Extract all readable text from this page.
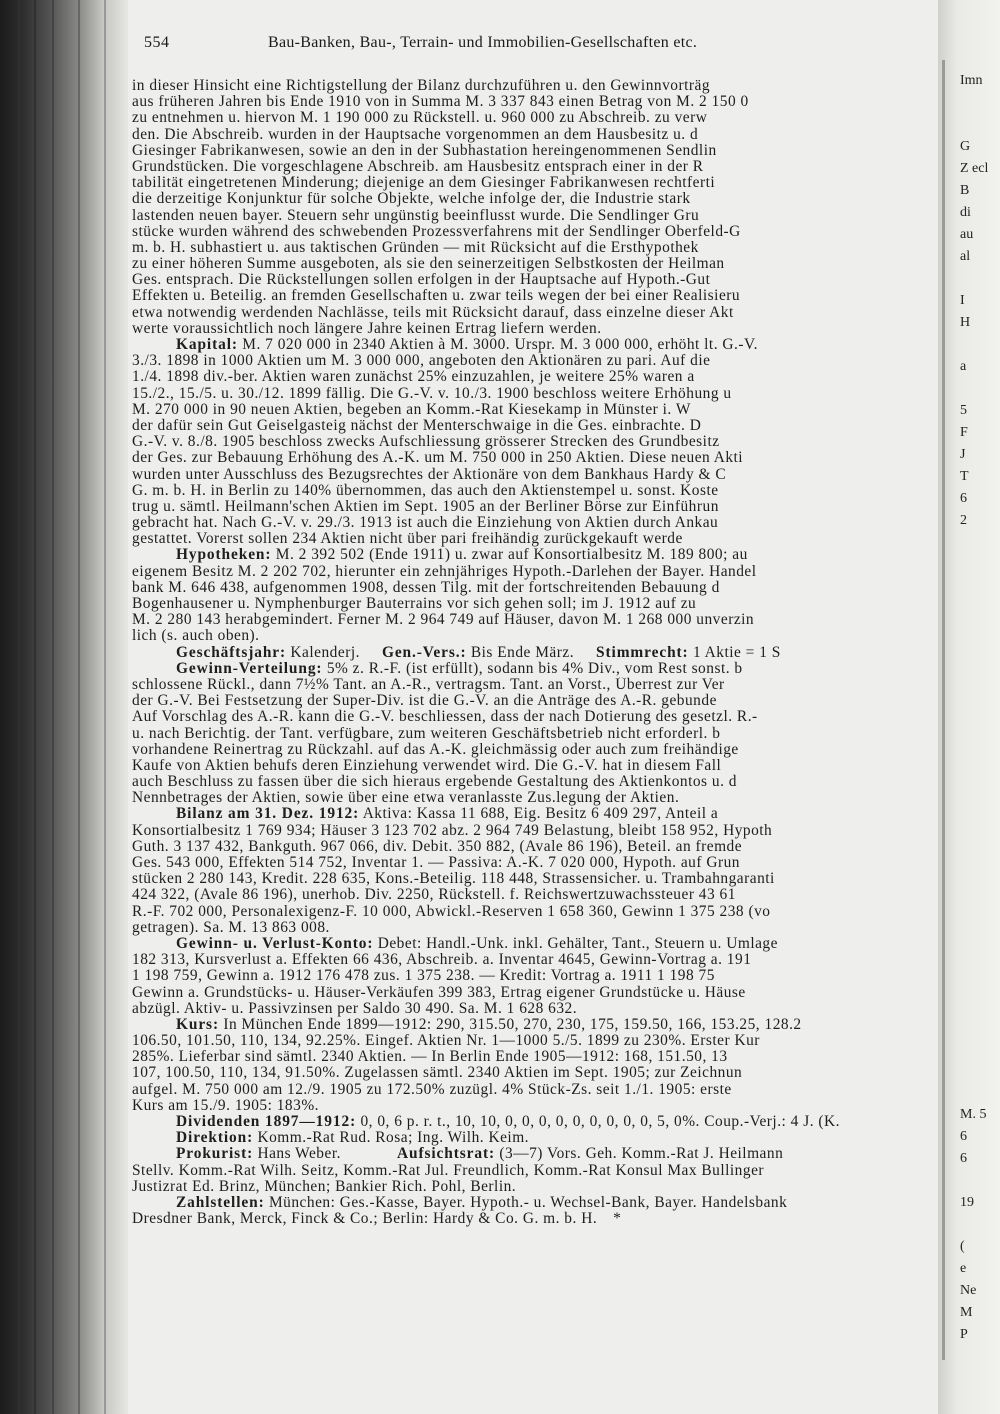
Imn
G
Z ecl
B
di
au
al
I
H
a
5
F
J
T
6
2
M. 5
6
6
19
(
e
Ne
M
P
554	Bau-Banken, Bau-, Terrain- und Immobilien-Gesellschaften etc.
in dieser Hinsicht eine Richtigstellung der Bilanz durchzuführen u. den Gewinnvorträg
aus früheren Jahren bis Ende 1910 von in Summa M. 3 337 843 einen Betrag von M. 2 150 0
zu entnehmen u. hiervon M. 1 190 000 zu Rückstell. u. 960 000 zu Abschreib. zu verw
den. Die Abschreib. wurden in der Hauptsache vorgenommen an dem Hausbesitz u. d
Giesinger Fabrikanwesen, sowie an den in der Subhastation hereingenommenen Sendlin
Grundstücken. Die vorgeschlagene Abschreib. am Hausbesitz entsprach einer in der R
tabilität eingetretenen Minderung; diejenige an dem Giesinger Fabrikanwesen rechtferti
die derzeitige Konjunktur für solche Objekte, welche infolge der, die Industrie stark
lastenden neuen bayer. Steuern sehr ungünstig beeinflusst wurde. Die Sendlinger Gru
stücke wurden während des schwebenden Prozessverfahrens mit der Sendlinger Oberfeld-G
m. b. H. subhastiert u. aus taktischen Gründen — mit Rücksicht auf die Ersthypothek
zu einer höheren Summe ausgeboten, als sie den seinerzeitigen Selbstkosten der Heilman
Ges. entsprach. Die Rückstellungen sollen erfolgen in der Hauptsache auf Hypoth.-Gut
Effekten u. Beteilig. an fremden Gesellschaften u. zwar teils wegen der bei einer Realisieru
etwa notwendig werdenden Nachlässe, teils mit Rücksicht darauf, dass einzelne dieser Akt
werte voraussichtlich noch längere Jahre keinen Ertrag liefern werden.
Kapital: M. 7 020 000 in 2340 Aktien à M. 3000. Urspr. M. 3 000 000, erhöht lt. G.-V.
3./3. 1898 in 1000 Aktien um M. 3 000 000, angeboten den Aktionären zu pari. Auf die
1./4. 1898 div.-ber. Aktien waren zunächst 25% einzuzahlen, je weitere 25% waren a
15./2., 15./5. u. 30./12. 1899 fällig. Die G.-V. v. 10./3. 1900 beschloss weitere Erhöhung u
M. 270 000 in 90 neuen Aktien, begeben an Komm.-Rat Kiesekamp in Münster i. W
der dafür sein Gut Geiselgasteig nächst der Menterschwaige in die Ges. einbrachte. D
G.-V. v. 8./8. 1905 beschloss zwecks Aufschliessung grösserer Strecken des Grundbesitz
der Ges. zur Bebauung Erhöhung des A.-K. um M. 750 000 in 250 Aktien. Diese neuen Akti
wurden unter Ausschluss des Bezugsrechtes der Aktionäre von dem Bankhaus Hardy & C
G. m. b. H. in Berlin zu 140% übernommen, das auch den Aktienstempel u. sonst. Koste
trug u. sämtl. Heilmann'schen Aktien im Sept. 1905 an der Berliner Börse zur Einführun
gebracht hat. Nach G.-V. v. 29./3. 1913 ist auch die Einziehung von Aktien durch Ankau
gestattet. Vorerst sollen 234 Aktien nicht über pari freihändig zurückgekauft werde
Hypotheken: M. 2 392 502 (Ende 1911) u. zwar auf Konsortialbesitz M. 189 800; au
eigenem Besitz M. 2 202 702, hierunter ein zehnjähriges Hypoth.-Darlehen der Bayer. Handel
bank M. 646 438, aufgenommen 1908, dessen Tilg. mit der fortschreitenden Bebauung d
Bogenhausener u. Nymphenburger Bauterrains vor sich gehen soll; im J. 1912 auf zu
M. 2 280 143 herabgemindert. Ferner M. 2 964 749 auf Häuser, davon M. 1 268 000 unverzin
lich (s. auch oben).
Geschäftsjahr: Kalenderj. Gen.-Vers.: Bis Ende März. Stimmrecht: 1 Aktie = 1 S
Gewinn-Verteilung: 5% z. R.-F. (ist erfüllt), sodann bis 4% Div., vom Rest sonst. b
schlossene Rückl., dann 7½% Tant. an A.-R., vertragsm. Tant. an Vorst., Überrest zur Ver
der G.-V. Bei Festsetzung der Super-Div. ist die G.-V. an die Anträge des A.-R. gebunde
Auf Vorschlag des A.-R. kann die G.-V. beschliessen, dass der nach Dotierung des gesetzl. R.-
u. nach Berichtig. der Tant. verfügbare, zum weiteren Geschäftsbetrieb nicht erforderl. b
vorhandene Reinertrag zu Rückzahl. auf das A.-K. gleichmässig oder auch zum freihändige
Kaufe von Aktien behufs deren Einziehung verwendet wird. Die G.-V. hat in diesem Fall
auch Beschluss zu fassen über die sich hieraus ergebende Gestaltung des Aktienkontos u. d
Nennbetrages der Aktien, sowie über eine etwa veranlasste Zus.legung der Aktien.
Bilanz am 31. Dez. 1912: Aktiva: Kassa 11 688, Eig. Besitz 6 409 297, Anteil a
Konsortialbesitz 1 769 934; Häuser 3 123 702 abz. 2 964 749 Belastung, bleibt 158 952, Hypoth
Guth. 3 137 432, Bankguth. 967 066, div. Debit. 350 882, (Avale 86 196), Beteil. an fremde
Ges. 543 000, Effekten 514 752, Inventar 1. — Passiva: A.-K. 7 020 000, Hypoth. auf Grun
stücken 2 280 143, Kredit. 228 635, Kons.-Beteilig. 118 448, Strassensicher. u. Trambahngaranti
424 322, (Avale 86 196), unerhob. Div. 2250, Rückstell. f. Reichswertzuwachssteuer 43 61
R.-F. 702 000, Personalexigenz-F. 10 000, Abwickl.-Reserven 1 658 360, Gewinn 1 375 238 (vo
getragen). Sa. M. 13 863 008.
Gewinn- u. Verlust-Konto: Debet: Handl.-Unk. inkl. Gehälter, Tant., Steuern u. Umlage
182 313, Kursverlust a. Effekten 66 436, Abschreib. a. Inventar 4645, Gewinn-Vortrag a. 191
1 198 759, Gewinn a. 1912 176 478 zus. 1 375 238. — Kredit: Vortrag a. 1911 1 198 75
Gewinn a. Grundstücks- u. Häuser-Verkäufen 399 383, Ertrag eigener Grundstücke u. Häuse
abzügl. Aktiv- u. Passivzinsen per Saldo 30 490. Sa. M. 1 628 632.
Kurs: In München Ende 1899—1912: 290, 315.50, 270, 230, 175, 159.50, 166, 153.25, 128.2
106.50, 101.50, 110, 134, 92.25%. Eingef. Aktien Nr. 1—1000 5./5. 1899 zu 230%. Erster Kur
285%. Lieferbar sind sämtl. 2340 Aktien. — In Berlin Ende 1905—1912: 168, 151.50, 13
107, 100.50, 110, 134, 91.50%. Zugelassen sämtl. 2340 Aktien im Sept. 1905; zur Zeichnun
aufgel. M. 750 000 am 12./9. 1905 zu 172.50% zuzügl. 4% Stück-Zs. seit 1./1. 1905: erste
Kurs am 15./9. 1905: 183%.
Dividenden 1897—1912: 0, 0, 6 p. r. t., 10, 10, 0, 0, 0, 0, 0, 0, 0, 0, 0, 5, 0%. Coup.-Verj.: 4 J. (K.
Direktion: Komm.-Rat Rud. Rosa; Ing. Wilh. Keim.
Prokurist: Hans Weber.	Aufsichtsrat: (3—7) Vors. Geh. Komm.-Rat J. Heilmann
Stellv. Komm.-Rat Wilh. Seitz, Komm.-Rat Jul. Freundlich, Komm.-Rat Konsul Max Bullinger
Justizrat Ed. Brinz, München; Bankier Rich. Pohl, Berlin.
Zahlstellen: München: Ges.-Kasse, Bayer. Hypoth.- u. Wechsel-Bank, Bayer. Handelsbank
Dresdner Bank, Merck, Finck & Co.; Berlin: Hardy & Co. G. m. b. H. *
